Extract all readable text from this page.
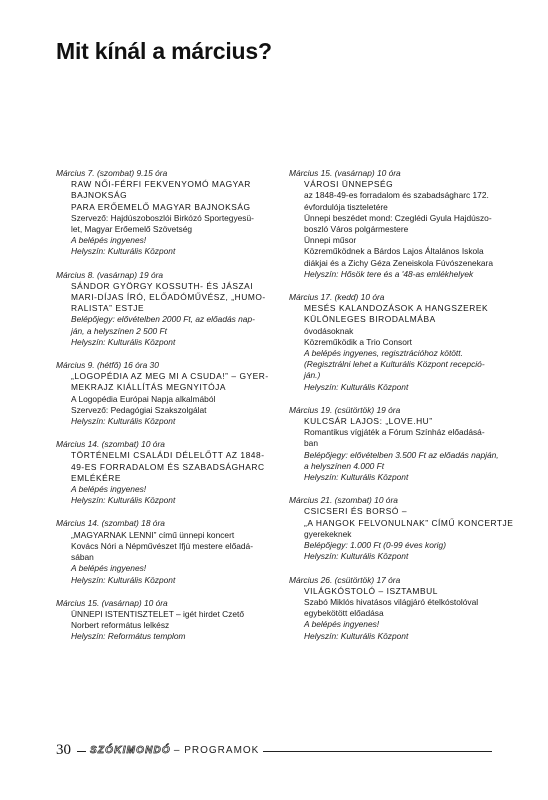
Mit kínál a március?
Március 7. (szombat) 9.15 óra
RAW NŐI-FÉRFI FEKVENYOMÓ MAGYAR
BAJNOKSÁG
PARA ERŐEMELŐ MAGYAR BAJNOKSÁG
Szervező: Hajdúszoboszlói Birkózó Sportegyesü-
let, Magyar Erőemelő Szövetség
A belépés ingyenes!
Helyszín: Kulturális Központ
Március 8. (vasárnap) 19 óra
SÁNDOR GYÖRGY KOSSUTH- ÉS JÁSZAI
MARI-DÍJAS ÍRÓ, ELŐADÓMŰVÉSZ, „HUMO-
RALISTA” ESTJE
Belépőjegy: elővételben 2000 Ft, az előadás nap-
ján, a helyszínen 2 500 Ft
Helyszín: Kulturális Központ
Március 9. (hétfő) 16 óra 30
„LOGOPÉDIA AZ MEG MI A CSUDA!” – GYER-
MEKRAJZ KIÁLLÍTÁS MEGNYITÓJA
A Logopédia Európai Napja alkalmából
Szervező: Pedagógiai Szakszolgálat
Helyszín: Kulturális Központ
Március 14. (szombat) 10 óra
TÖRTÉNELMI CSALÁDI DÉLELŐTT AZ 1848-
49-ES FORRADALOM ÉS SZABADSÁGHARC
EMLÉKÉRE
A belépés ingyenes!
Helyszín: Kulturális Központ
Március 14. (szombat) 18 óra
„MAGYARNAK LENNI” című ünnepi koncert
Kovács Nóri a Népművészet Ifjú mestere előadá-
sában
A belépés ingyenes!
Helyszín: Kulturális Központ
Március 15. (vasárnap) 10 óra
ÜNNEPI ISTENTISZTELET – igét hirdet Czető
Norbert református lelkész
Helyszín: Református templom
Március 15. (vasárnap) 10 óra
VÁROSI ÜNNEPSÉG
az 1848-49-es forradalom és szabadságharc 172.
évfordulója tiszteletére
Ünnepi beszédet mond: Czeglédi Gyula Hajdúszo-
boszló Város polgármestere
Ünnepi műsor
Közreműködnek a Bárdos Lajos Általános Iskola
diákjai és a Zichy Géza Zeneiskola Fúvószenekara
Helyszín: Hősök tere és a '48-as emlékhelyek
Március 17. (kedd) 10 óra
MESÉS KALANDOZÁSOK A HANGSZEREK
KÜLÖNLEGES BIRODALMÁBA
óvodásoknak
Közreműködik a Trio Consort
A belépés ingyenes, regisztrációhoz kötött.
(Regisztrálni lehet a Kulturális Központ recepció-
ján.)
Helyszín: Kulturális Központ
Március 19. (csütörtök) 19 óra
KULCSÁR LAJOS: „LOVE.HU”
Romantikus vígjáték a Fórum Színház előadásá-
ban
Belépőjegy: elővételben 3.500 Ft az előadás napján,
a helyszínen 4.000 Ft
Helyszín: Kulturális Központ
Március 21. (szombat) 10 óra
CSICSERI ÉS BORSÓ –
„A HANGOK FELVONULNAK” CÍMŰ KONCERTJE
gyerekeknek
Belépőjegy: 1.000 Ft (0-99 éves korig)
Helyszín: Kulturális Központ
Március 26. (csütörtök) 17 óra
VILÁGKÓSTOLÓ – ISZTAMBUL
Szabó Miklós hivatásos világjáró ételkóstolóval
egybekötött előadása
A belépés ingyenes!
Helyszín: Kulturális Központ
30	SZÓKIMONDÓ – PROGRAMOK
